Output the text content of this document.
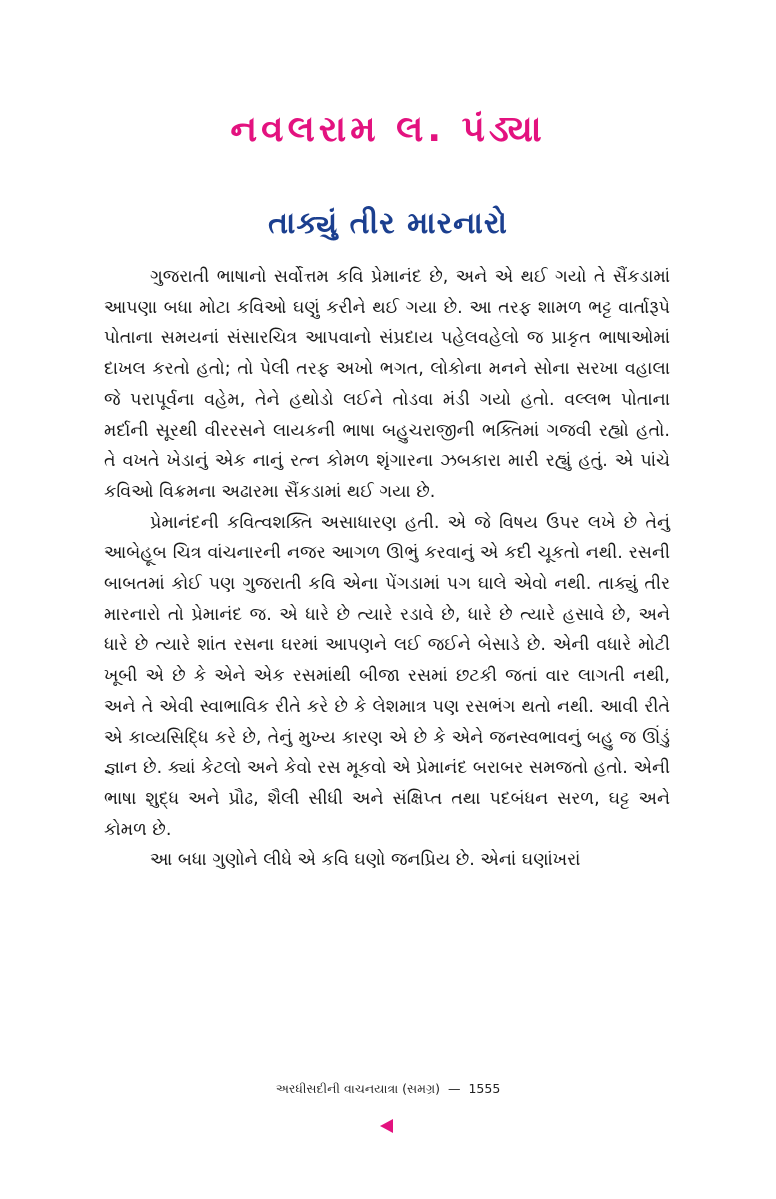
નવલરામ લ. પંડ્યા
તાક્યું તીર મારનારો

ગુજરાતી ભાષાનો સર્વોત્તમ કવિ પ્રેમાનંદ છે, અને એ થઈ ગયો તે સૈંકડામાં આપણા બધા મોટા કવિઓ ઘણું કરીને થઈ ગયા છે. આ તરફ શામળ ભટ્ટ વાર્તારૂપે પોતાના સમયનાં સંસારચિત્ર આપવાનો સંપ્રદાય પહેલવહેલો જ પ્રાકૃત ભાષાઓમાં દાખલ કરતો હતો; તો પેલી તરફ અખો ભગત, લોકોના મનને સોના સરખા વહાલા જે પરાપૂર્વના વહેમ, તેને હથોડો લઈને તોડવા મંડી ગયો હતો. વલ્લભ પોતાના મર્દાની સૂરથી વીરરસને લાયકની ભાષા બહુચરાજીની ભક્તિમાં ગજવી રહ્યો હતો. તે વખતે ખેડાનું એક નાનું રત્ન કોમળ શૃંગારના ઝબકારા મારી રહ્યું હતું. એ પાંચે કવિઓ વિક્રમના અઢારમા સૈંકડામાં થઈ ગયા છે.

પ્રેમાનંદની કવિત્વશક્તિ અસાધારણ હતી. એ જે વિષય ઉપર લખે છે તેનું આબેહૂબ ચિત્ર વાંચનારની નજર આગળ ઊભું કરવાનું એ કદી ચૂકતો નથી. રસની બાબતમાં કોઈ પણ ગુજરાતી કવિ એના પેંગડામાં પગ ઘાલે એવો નથી. તાક્યું તીર મારનારો તો પ્રેમાનંદ જ. એ ધારે છે ત્યારે રડાવે છે, ધારે છે ત્યારે હસાવે છે, અને ધારે છે ત્યારે શાંત રસના ઘરમાં આપણને લઈ જઈને બેસાડે છે. એની વધારે મોટી ખૂબી એ છે કે એને એક રસમાંથી બીજા રસમાં છટકી જતાં વાર લાગતી નથી, અને તે એવી સ્વાભાવિક રીતે કરે છે કે લેશમાત્ર પણ રસભંગ થતો નથી. આવી રીતે એ કાવ્યસિદ્ધિ કરે છે, તેનું મુખ્ય કારણ એ છે કે એને જનસ્વભાવનું બહુ જ ઊંડું જ્ઞાન છે. ક્યાં કેટલો અને કેવો રસ મૂકવો એ પ્રેમાનંદ બરાબર સમજતો હતો. એની ભાષા શુદ્ધ અને પ્રૌઢ, શૈલી સીધી અને સંક્ષિપ્ત તથા પદબંધન સરળ, ઘટ્ટ અને કોમળ છે.

આ બધા ગુણોને લીધે એ કવિ ઘણો જનપ્રિય છે. એનાં ઘણાંખરાં

અરધીસદીની વાચનયાત્રા (સમગ્ર) — 1555
